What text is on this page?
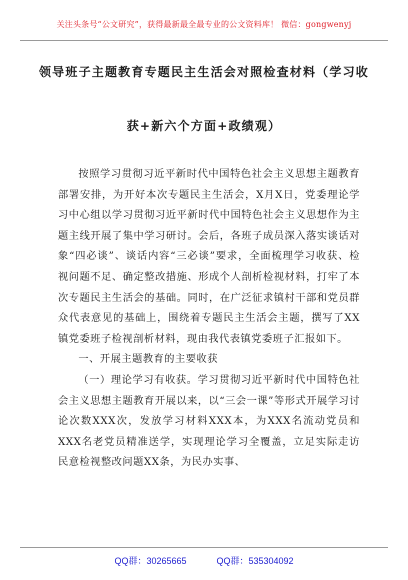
关注头条号“公文研究”，获得最新最全最专业的公文资料库！ 微信：gongwenyj
领导班子主题教育专题民主生活会对照检查材料（学习收
获+新六个方面+政绩观）

按照学习贯彻习近平新时代中国特色社会主义思想主题教育部署安排，为开好本次专题民主生活会，X月X日，党委理论学习中心组以学习贯彻习近平新时代中国特色社会主义思想作为主题主线开展了集中学习研讨。会后，各班子成员深入落实谈话对象“四必谈”、谈话内容“三必谈”要求，全面梳理学习收获、检视问题不足、确定整改措施、形成个人剖析检视材料，打牢了本次专题民主生活会的基础。同时，在广泛征求镇村干部和党员群众代表意见的基础上，围绕着专题民主生活会主题，撰写了XX镇党委班子检视剖析材料，现由我代表镇党委班子汇报如下。

一、开展主题教育的主要收获

（一）理论学习有收获。学习贯彻习近平新时代中国特色社会主义思想主题教育开展以来，以“三会一课”等形式开展学习讨论次数XXX次，发放学习材料XXX本，为XXX名流动党员和XXX名老党员精准送学，实现理论学习全覆盖，立足实际走访民意检视整改问题XX条，为民办实事、

QQ群：30265665	QQ群：535304092
